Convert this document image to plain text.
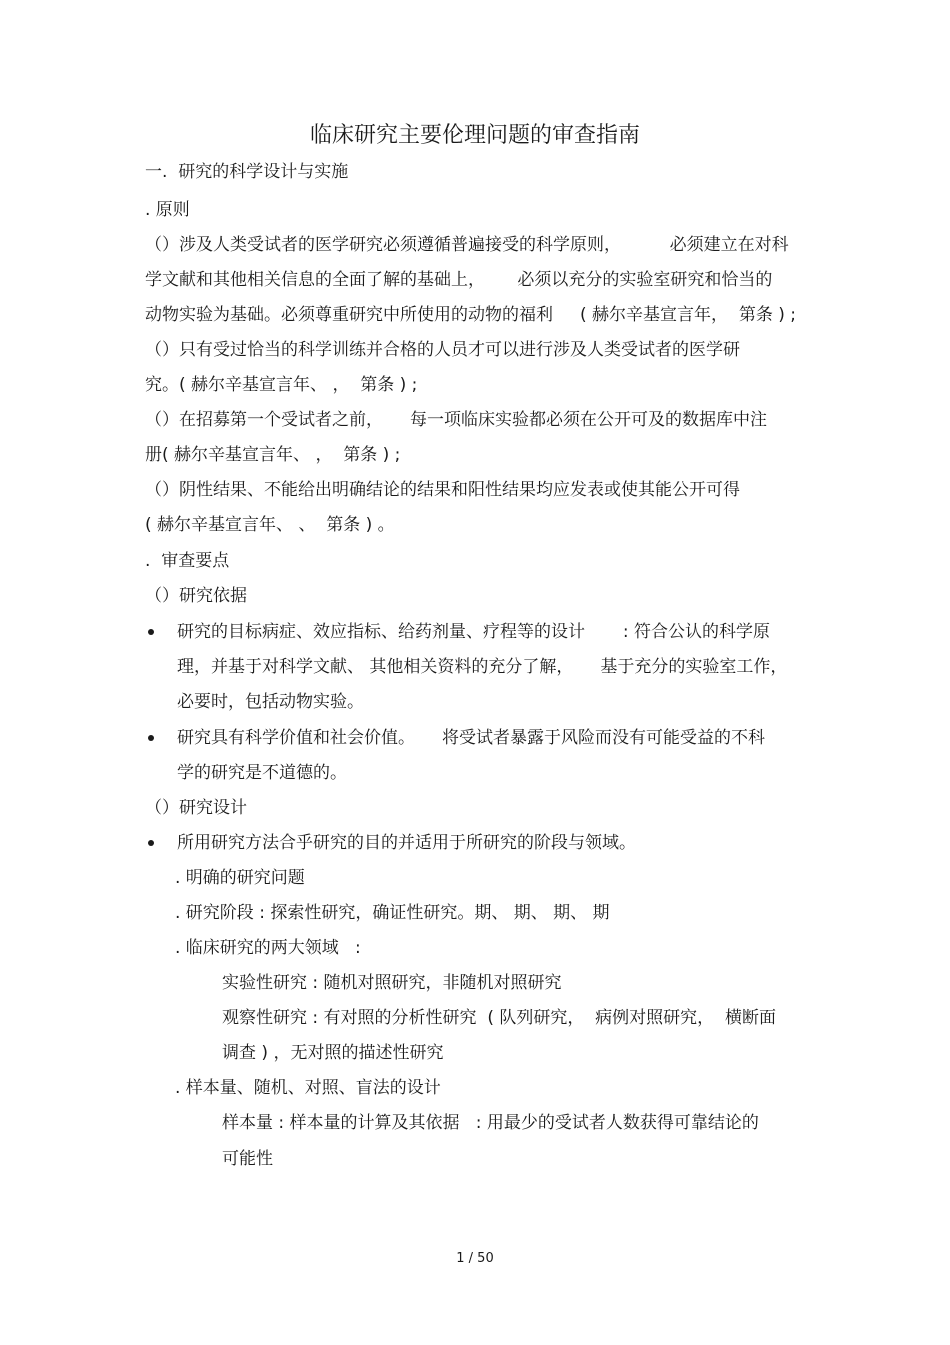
临床研究主要伦理问题的审查指南
一.  研究的科学设计与实施
. 原则
（）涉及人类受试者的医学研究必须遵循普遍接受的科学原则，         必须建立在对科
学文献和其他相关信息的全面了解的基础上，      必须以充分的实验室研究和恰当的
动物实验为基础。必须尊重研究中所使用的动物的福利     ( 赫尔辛基宣言年，  第条 ) ;
（）只有受过恰当的科学训练并合格的人员才可以进行涉及人类受试者的医学研
究。( 赫尔辛基宣言年、 ，  第条 ) ;
（）在招募第一个受试者之前，     每一项临床实验都必须在公开可及的数据库中注
册( 赫尔辛基宣言年、 ，  第条 ) ;
（）阴性结果、不能给出明确结论的结果和阳性结果均应发表或使其能公开可得
( 赫尔辛基宣言年、 、  第条 ) 。
.  审查要点
（）研究依据
研究的目标病症、效应指标、给药剂量、疗程等的设计       : 符合公认的科学原
理，并基于对科学文献、 其他相关资料的充分了解，     基于充分的实验室工作，
必要时，包括动物实验。
研究具有科学价值和社会价值。     将受试者暴露于风险而没有可能受益的不科
学的研究是不道德的。
（）研究设计
所用研究方法合乎研究的目的并适用于所研究的阶段与领域。
. 明确的研究问题
. 研究阶段 : 探索性研究，确证性研究。期、 期、 期、 期
. 临床研究的两大领域   :
实验性研究 : 随机对照研究，非随机对照研究
观察性研究 : 有对照的分析性研究  ( 队列研究，  病例对照研究，  横断面
调查 ) ，无对照的描述性研究
. 样本量、随机、对照、盲法的设计
样本量 : 样本量的计算及其依据   : 用最少的受试者人数获得可靠结论的
可能性
1 / 50
